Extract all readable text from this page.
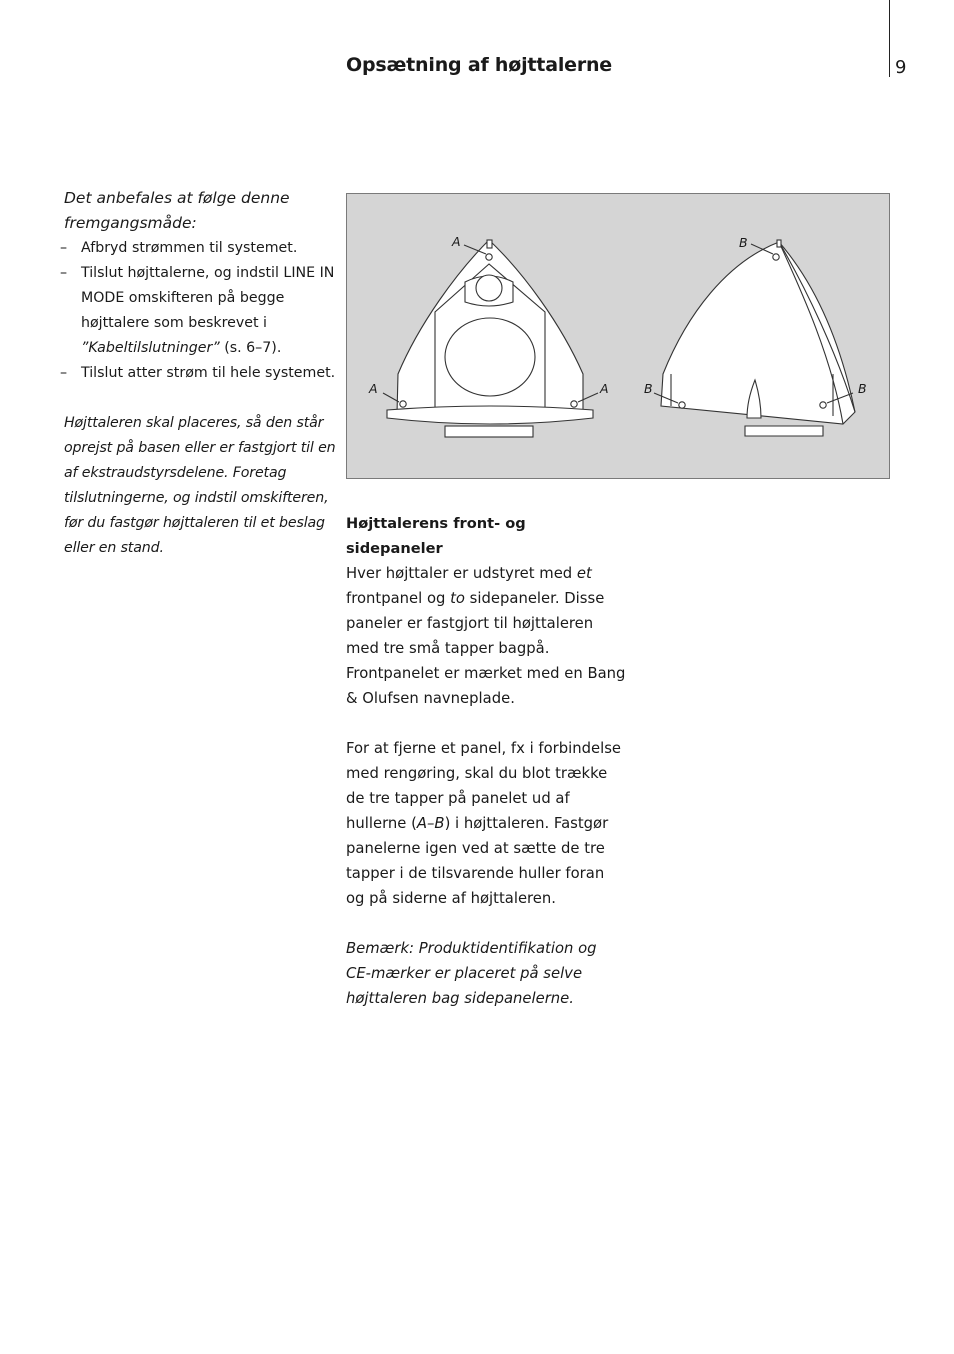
Opsætning af højttalerne	9

Det anbefales at følge denne fremgangsmåde:

– Afbryd strømmen til systemet.
– Tilslut højttalerne, og indstil LINE IN MODE omskifteren på begge højttalere som beskrevet i ”Kabeltilslutninger” (s. 6–7).
– Tilslut atter strøm til hele systemet.

Højttaleren skal placeres, så den står oprejst på basen eller er fastgjort til en af ekstraudstyrsdelene. Foretag tilslutningerne, og indstil omskifteren, før du fastgør højttaleren til et beslag eller en stand.

A
A	A
B
B	B

Højttalerens front- og sidepaneler

Hver højttaler er udstyret med et frontpanel og to sidepaneler. Disse paneler er fastgjort til højttaleren med tre små tapper bagpå. Frontpanelet er mærket med en Bang & Olufsen navneplade.

For at fjerne et panel, fx i forbindelse med rengøring, skal du blot trække de tre tapper på panelet ud af hullerne (A–B) i højttaleren. Fastgør panelerne igen ved at sætte de tre tapper i de tilsvarende huller foran og på siderne af højttaleren.

Bemærk: Produktidentifikation og CE-mærker er placeret på selve højttaleren bag sidepanelerne.
